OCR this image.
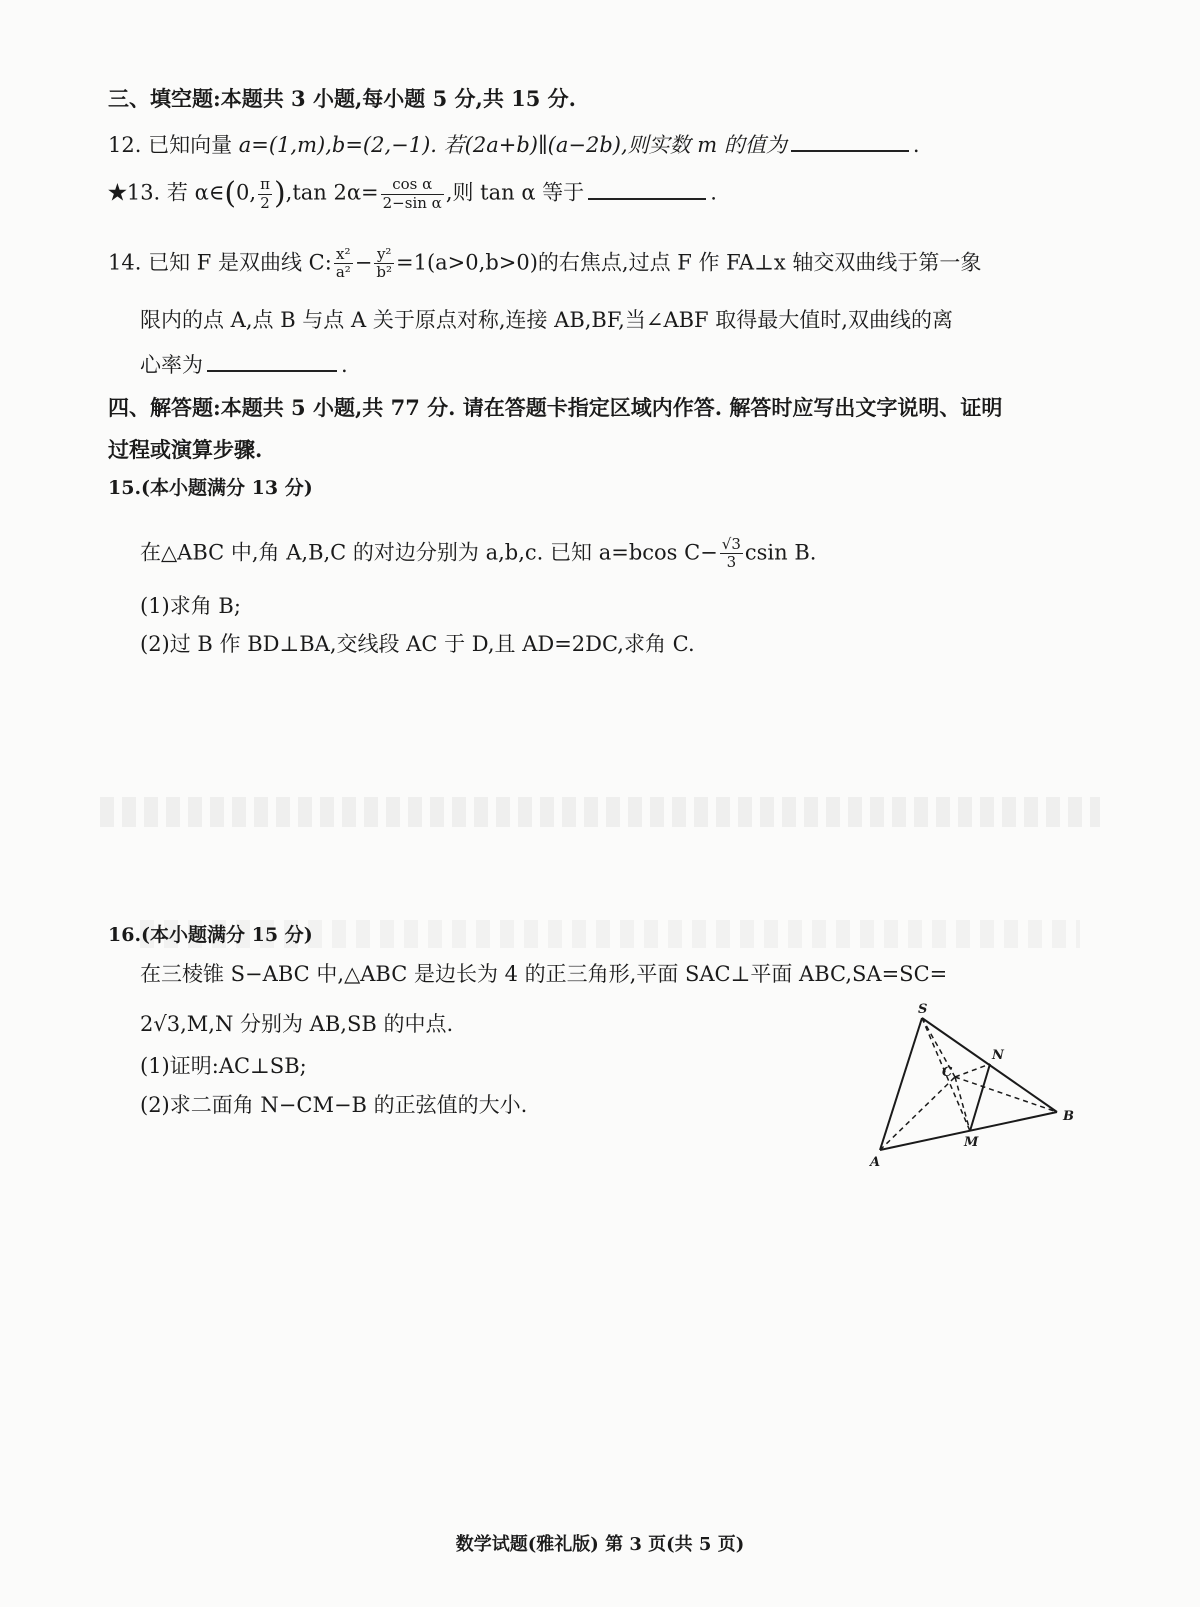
三、填空题:本题共 3 小题,每小题 5 分,共 15 分.
12. 已知向量 a=(1,m),b=(2,−1). 若(2a+b)∥(a−2b),则实数 m 的值为	.
★13. 若 α∈(0, $\frac{\pi}{2} ),\tan$ $2\alpha= \frac{\text{cos α}}{\text{2−sin α}}$ ,则 tan α 等于	.
14. 已知 F 是双曲线 C: $\frac{\text{x²}}{\text{a²}} - \frac{\text{y²}}{\text{b²}} =1(a>0,b>0)$的右焦点,过点 F 作 FA⊥x 轴交双曲线于第一象
限内的点 A,点 B 与点 A 关于原点对称,连接 AB,BF,当∠ABF 取得最大值时,双曲线的离
心率为	.
四、解答题:本题共 5 小题,共 77 分. 请在答题卡指定区域内作答. 解答时应写出文字说明、证明
过程或演算步骤.
15.(本小题满分 13 分)
在△ABC 中,角 A,B,C 的对边分别为 a,b,c. 已知 a=bcos $C- \frac{√3}{3}$ csin B.
(1)求角 B;
(2)过 B 作 BD⊥BA,交线段 AC 于 D,且 AD=2DC,求角 C.
16.(本小题满分 15 分)
在三棱锥 S−ABC 中,△ABC 是边长为 4 的正三角形,平面 SAC⊥平面 ABC,SA=SC=
2√3,M,N 分别为 AB,SB 的中点.
(1)证明:AC⊥SB;
(2)求二面角 N−CM−B 的正弦值的大小.
S
N
C
B
M
A
数学试题(雅礼版) 第 3 页(共 5 页)
